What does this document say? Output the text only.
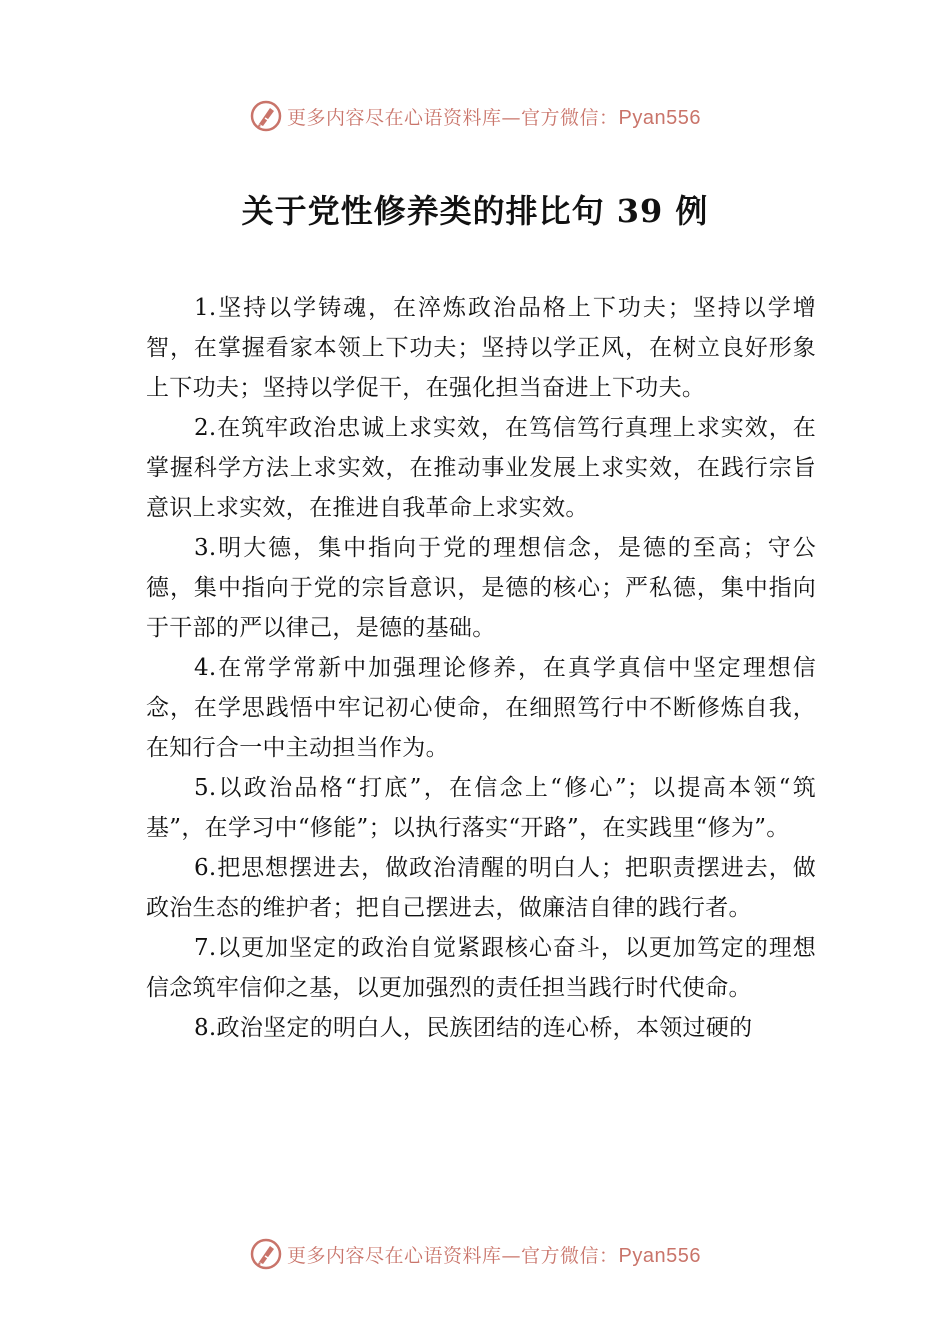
更多内容尽在心语资料库—官方微信：Pyan556
关于党性修养类的排比句 39 例

1.坚持以学铸魂，在淬炼政治品格上下功夫；坚持以学增智，在掌握看家本领上下功夫；坚持以学正风，在树立良好形象上下功夫；坚持以学促干，在强化担当奋进上下功夫。

2.在筑牢政治忠诚上求实效，在笃信笃行真理上求实效，在掌握科学方法上求实效，在推动事业发展上求实效，在践行宗旨意识上求实效，在推进自我革命上求实效。

3.明大德，集中指向于党的理想信念，是德的至高；守公德，集中指向于党的宗旨意识，是德的核心；严私德，集中指向于干部的严以律己，是德的基础。

4.在常学常新中加强理论修养，在真学真信中坚定理想信念，在学思践悟中牢记初心使命，在细照笃行中不断修炼自我，在知行合一中主动担当作为。

5.以政治品格“打底”，在信念上“修心”；以提高本领“筑基”，在学习中“修能”；以执行落实“开路”，在实践里“修为”。

6.把思想摆进去，做政治清醒的明白人；把职责摆进去，做政治生态的维护者；把自己摆进去，做廉洁自律的践行者。

7.以更加坚定的政治自觉紧跟核心奋斗，以更加笃定的理想信念筑牢信仰之基，以更加强烈的责任担当践行时代使命。

8.政治坚定的明白人，民族团结的连心桥，本领过硬的

更多内容尽在心语资料库—官方微信：Pyan556
